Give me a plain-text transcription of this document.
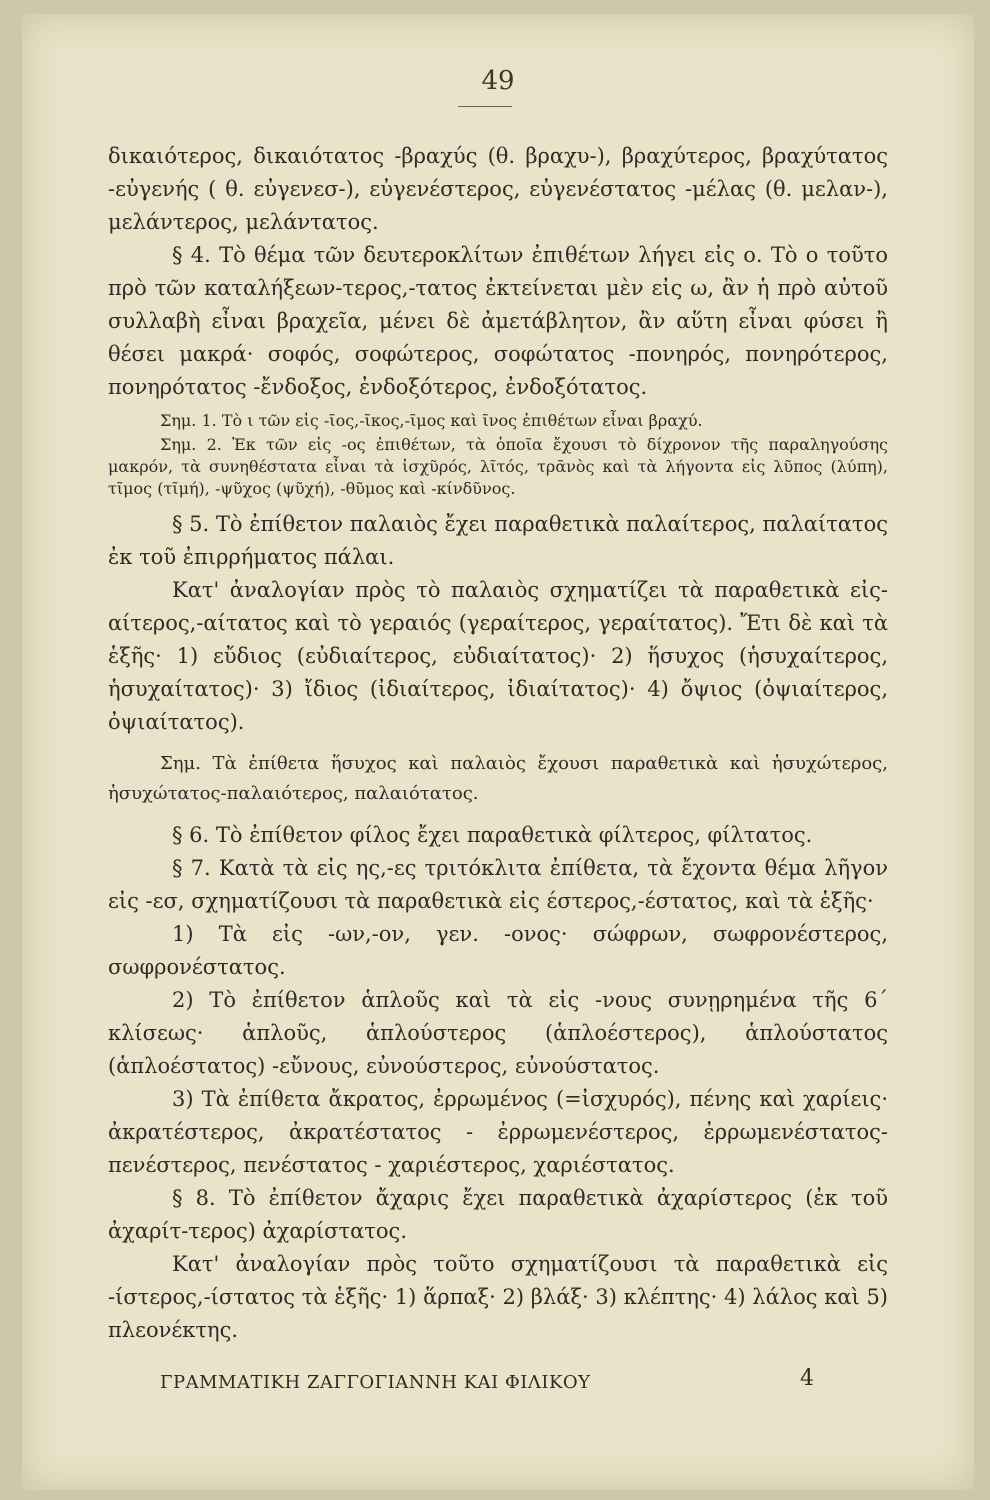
49

δικαιότερος, δικαιότατος -βραχύς (θ. βραχυ-), βραχύτερος, βραχύτατος -εὐγενής ( θ. εὐγενεσ-), εὐγενέστερος, εὐγενέστατος -μέλας (θ. μελαν-), μελάντερος, μελάντατος.

§ 4. Τὸ θέμα τῶν δευτερoκλίτων ἐπιθέτων λήγει εἰς ο. Τὸ ο τοῦτο πρὸ τῶν καταλήξεων-τερος,-τατος ἐκτείνεται μὲν εἰς ω, ἂν ἡ πρὸ αὐτοῦ συλλαβὴ εἶναι βραχεῖα, μένει δὲ ἀμετάβλητον, ἂν αὕτη εἶναι φύσει ἢ θέσει μακρά· σοφός, σοφώτερος, σοφώτατος -πονηρός, πονηρότερος, πονηρότατος -ἔνδοξος, ἐνδοξότερος, ἐνδοξότατος.

Σημ. 1. Τὸ ι τῶν εἰς -ῖος,-ῖκος,-ῖμος καὶ ῖνος ἐπιθέτων εἶναι βραχύ.

Σημ. 2. Ἐκ τῶν εἰς -ος ἐπιθέτων, τὰ ὁποῖα ἔχουσι τὸ δίχρονον τῆς παραληγούσης μακρόν, τὰ συνηθέστατα εἶναι τὰ ἰσχῦρός, λῖτός, τρᾶνὸς καὶ τὰ λήγοντα εἰς λῦπος (λύπη), τῖμος (τῖμή), -ψῦχος (ψῦχή), -θῦμος καὶ -κίνδῦνος.

§ 5. Τὸ ἐπίθετον παλαιὸς ἔχει παραθετικὰ παλαίτερος, παλαίτατος ἐκ τοῦ ἐπιρρήματος πάλαι.

Κατ' ἀναλογίαν πρὸς τὸ παλαιὸς σχηματίζει τὰ παραθετικὰ εἰς-αίτερος,-αίτατος καὶ τὸ γεραιός (γεραίτερος, γεραίτατος). Ἔτι δὲ καὶ τὰ ἑξῆς· 1) εὔδιος (εὐδιαίτερος, εὐδιαίτατος)· 2) ἥσυχος (ἡσυχαίτερος, ἡσυχαίτατος)· 3) ἴδιος (ἰδιαίτερος, ἰδιαίτατος)· 4) ὄψιος (ὀψιαίτερος, ὀψιαίτατος).

Σημ. Τὰ ἐπίθετα ἥσυχος καὶ παλαιὸς ἔχουσι παραθετικὰ καὶ ἡσυχώτερος, ἡσυχώτατος-παλαιότερος, παλαιότατος.

§ 6. Τὸ ἐπίθετον φίλος ἔχει παραθετικὰ φίλτερος, φίλτατος.

§ 7. Κατὰ τὰ εἰς ης,-ες τριτόκλιτα ἐπίθετα, τὰ ἔχοντα θέμα λῆγον εἰς -εσ, σχηματίζουσι τὰ παραθετικὰ εἰς έστερος,-έστατος, καὶ τὰ ἑξῆς·

1) Τὰ εἰς -ων,-ον, γεν. -ονος· σώφρων, σωφρονέστερος, σωφρονέστατος.

2) Τὸ ἐπίθετον ἁπλοῦς καὶ τὰ εἰς -νους συνῃρημένα τῆς 6΄ κλίσεως· ἁπλοῦς, ἁπλούστερος (ἁπλοέστερος), ἁπλούστατος (ἁπλοέστατος) -εὔνους, εὐνούστερος, εὐνούστατος.

3) Τὰ ἐπίθετα ἄκρατος, ἐρρωμένος (=ἰσχυρός), πένης καὶ χαρίεις· ἀκρατέστερος, ἀκρατέστατος - ἐρρωμενέστερος, ἐρρωμενέστατος-πενέστερος, πενέστατος - χαριέστερος, χαριέστατος.

§ 8. Τὸ ἐπίθετον ἄχαρις ἔχει παραθετικὰ ἀχαρίστερος (ἐκ τοῦ ἀχαρίτ-τερος) ἀχαρίστατος.

Κατ' ἀναλογίαν πρὸς τοῦτο σχηματίζουσι τὰ παραθετικὰ εἰς -ίστερος,-ίστατος τὰ ἑξῆς· 1) ἅρπαξ· 2) βλάξ· 3) κλέπτης· 4) λάλος καὶ 5) πλεονέκτης.

ΓΡΑΜΜΑΤΙΚΗ ΖΑΓΓΟΓΙΑΝΝΗ ΚΑΙ ΦΙΛΙΚΟΥ	4
